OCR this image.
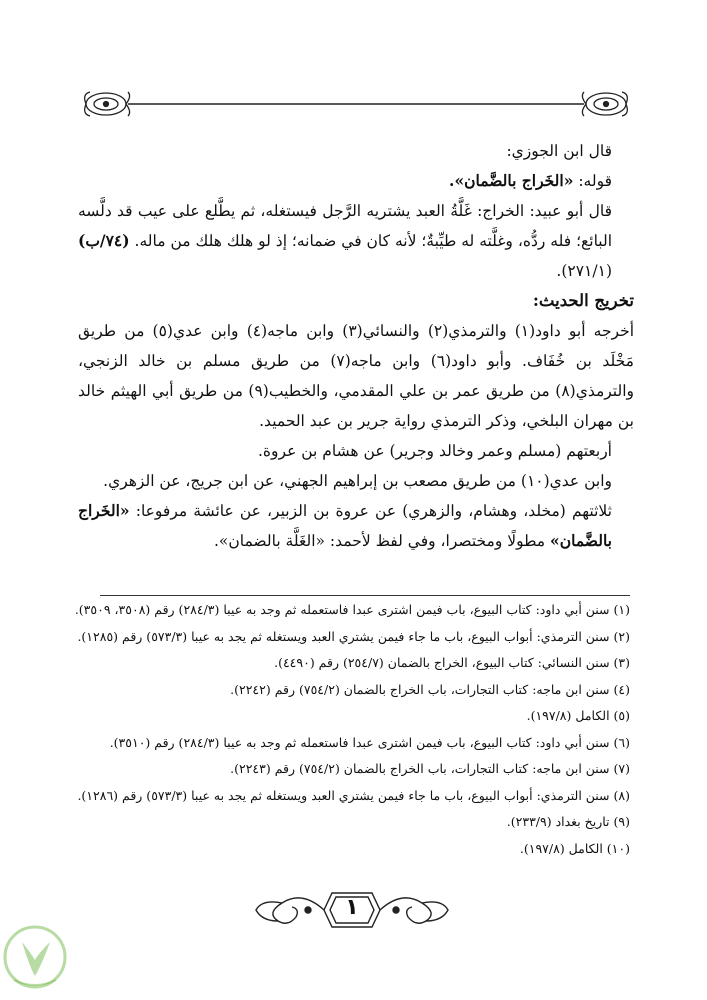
قال ابن الجوزي:

قوله: «الخَراج بالضَّمان».

قال أبو عبيد: الخراج: غَلَّةُ العبد يشتريه الرَّجل فيستغله، ثم يطَّلع على عيب قد دلَّسه البائع؛ فله ردُّه، وغلَّته له طيِّبةٌ؛ لأنه كان في ضمانه؛ إذ لو هلك هلك من ماله. (٧٤/ب) (٢٧١/١).

تخريج الحديث:

أخرجه أبو داود(١) والترمذي(٢) والنسائي(٣) وابن ماجه(٤) وابن عدي(٥) من طريق مَخْلَد بن خُفَاف. وأبو داود(٦) وابن ماجه(٧) من طريق مسلم بن خالد الزنجي، والترمذي(٨) من طريق عمر بن علي المقدمي، والخطيب(٩) من طريق أبي الهيثم خالد بن مهران البلخي، وذكر الترمذي رواية جرير بن عبد الحميد.

أربعتهم (مسلم وعمر وخالد وجرير) عن هشام بن عروة.

وابن عدي(١٠) من طريق مصعب بن إبراهيم الجهني، عن ابن جريج، عن الزهري.

ثلاثتهم (مخلد، وهشام، والزهري) عن عروة بن الزبير، عن عائشة مرفوعا: «الخَراج بالضَّمان» مطولًا ومختصرا، وفي لفظ لأحمد: «الغَلَّة بالضمان».

(١) سنن أبي داود: كتاب البيوع، باب فيمن اشترى عبدا فاستعمله ثم وجد به عيبا (٢٨٤/٣) رقم (٣٥٠٨، ٣٥٠٩).
(٢) سنن الترمذي: أبواب البيوع، باب ما جاء فيمن يشتري العبد ويستغله ثم يجد به عيبا (٥٧٣/٣) رقم (١٢٨٥).
(٣) سنن النسائي: كتاب البيوع، الخراج بالضمان (٢٥٤/٧) رقم (٤٤٩٠).
(٤) سنن ابن ماجه: كتاب التجارات، باب الخراج بالضمان (٧٥٤/٢) رقم (٢٢٤٢).
(٥) الكامل (١٩٧/٨).
(٦) سنن أبي داود: كتاب البيوع، باب فيمن اشترى عبدا فاستعمله ثم وجد به عيبا (٢٨٤/٣) رقم (٣٥١٠).
(٧) سنن ابن ماجه: كتاب التجارات، باب الخراج بالضمان (٧٥٤/٢) رقم (٢٢٤٣).
(٨) سنن الترمذي: أبواب البيوع، باب ما جاء فيمن يشتري العبد ويستغله ثم يجد به عيبا (٥٧٣/٣) رقم (١٢٨٦).
(٩) تاريخ بغداد (٢٣٣/٩).
(١٠) الكامل (١٩٧/٨).
١
